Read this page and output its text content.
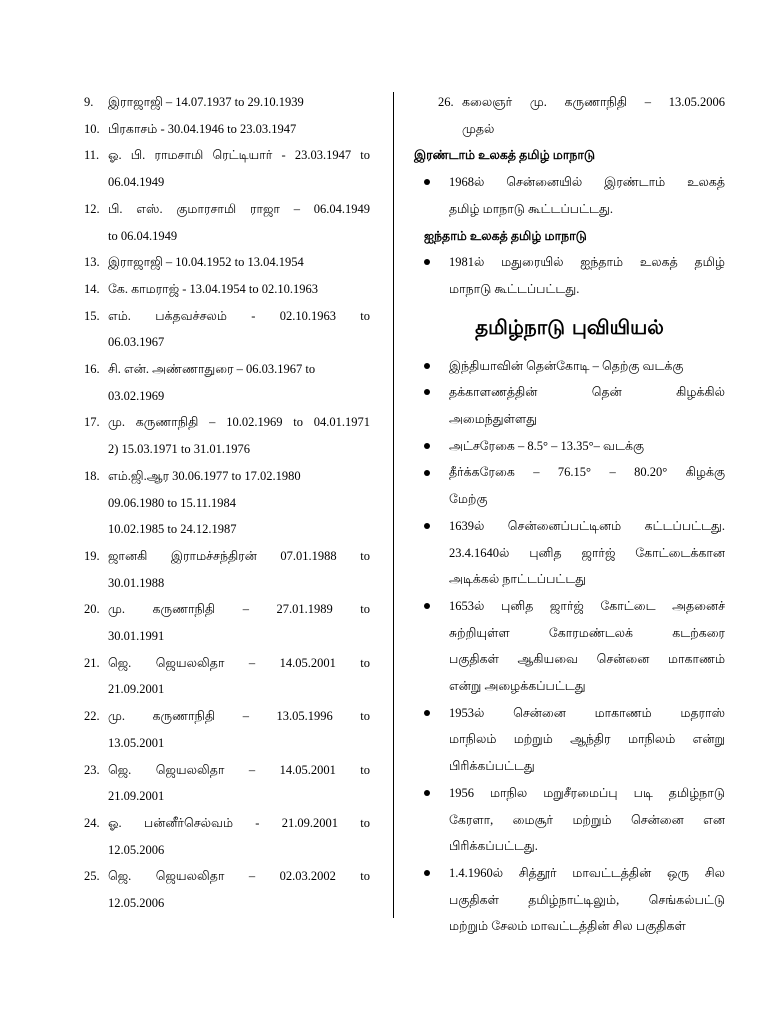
9.	இராஜாஜி – 14.07.1937 to 29.10.1939
10. பிரகாசம் - 30.04.1946 to 23.03.1947
11. ஓ. பி. ராமசாமி ரெட்டியார் - 23.03.1947 to
06.04.1949
12. பி. எஸ். குமாரசாமி ராஜா – 06.04.1949
to 06.04.1949
13. இராஜாஜி – 10.04.1952 to 13.04.1954
14. கே. காமராஜ் - 13.04.1954 to 02.10.1963
15. எம். பக்தவச்சலம் - 02.10.1963 to
06.03.1967
16. சி. என். அண்ணாதுரை – 06.03.1967 to
03.02.1969
17. மு. கருணாநிதி – 10.02.1969 to 04.01.1971
2) 15.03.1971 to 31.01.1976
18. எம்.ஜி.ஆர 30.06.1977 to 17.02.1980
09.06.1980 to 15.11.1984
10.02.1985 to 24.12.1987
19. ஜானகி இராமச்சந்திரன் 07.01.1988 to
30.01.1988
20. மு. கருணாநிதி – 27.01.1989 to
30.01.1991
21. ஜெ. ஜெயலலிதா – 14.05.2001 to
21.09.2001
22. மு. கருணாநிதி – 13.05.1996 to
13.05.2001
23. ஜெ. ஜெயலலிதா – 14.05.2001 to
21.09.2001
24. ஓ. பன்னீர்செல்வம் - 21.09.2001 to
12.05.2006
25. ஜெ. ஜெயலலிதா – 02.03.2002 to
12.05.2006
26. கலைஞர் மு. கருணாநிதி – 13.05.2006
முதல்

இரண்டாம் உலகத் தமிழ் மாநாடு

1968ல் சென்னையில் இரண்டாம் உலகத்
தமிழ் மாநாடு கூட்டப்பட்டது.

ஐந்தாம் உலகத் தமிழ் மாநாடு

1981ல் மதுரையில் ஐந்தாம் உலகத் தமிழ்
மாநாடு கூட்டப்பட்டது.
தமிழ்நாடு புவியியல்
இந்தியாவின் தென்கோடி – தெற்கு வடக்கு
தக்காளணத்தின் தென் கிழக்கில்
அமைந்துள்ளது
அட்சரேகை – 8.5° – 13.35°– வடக்கு
தீர்க்கரேகை – 76.15° – 80.20° கிழக்கு
மேற்கு
1639ல் சென்னைப்பட்டினம் கட்டப்பட்டது.
23.4.1640ல் புனித ஜார்ஜ் கோட்டைக்கான
அடிக்கல் நாட்டப்பட்டது
1653ல் புனித ஜார்ஜ் கோட்டை அதனைச்
சுற்றியுள்ள கோரமண்டலக் கடற்கரை
பகுதிகள் ஆகியவை சென்னை மாகாணம்
என்று அழைக்கப்பட்டது
1953ல் சென்னை மாகாணம் மதராஸ்
மாநிலம் மற்றும் ஆந்திர மாநிலம் என்று
பிரிக்கப்பட்டது
1956 மாநில மறுசீரமைப்பு படி தமிழ்நாடு
கேரளா, மைசூர் மற்றும் சென்னை என
பிரிக்கப்பட்டது.
1.4.1960ல் சித்தூர் மாவட்டத்தின் ஒரு சில
பகுதிகள் தமிழ்நாட்டிலும், செங்கல்பட்டு
மற்றும் சேலம் மாவட்டத்தின் சில பகுதிகள்
